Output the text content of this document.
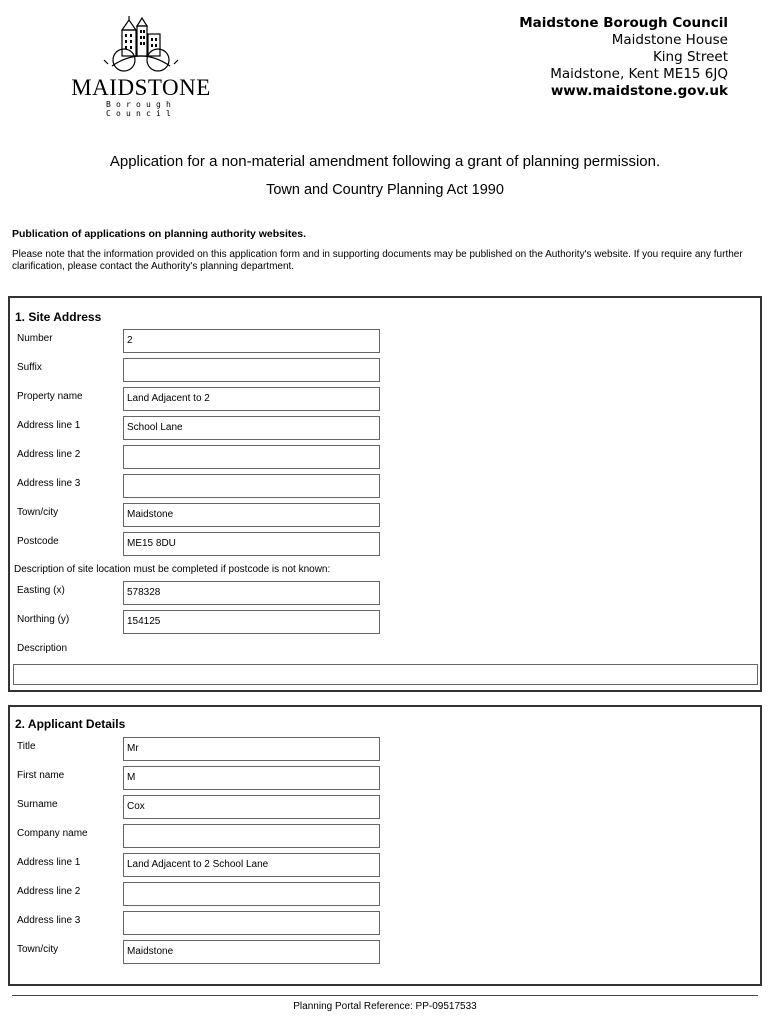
MAIDSTONE
Borough Council
Maidstone Borough Council
Maidstone House
King Street
Maidstone, Kent ME15 6JQ
www.maidstone.gov.uk
Application for a non-material amendment following a grant of planning permission.
Town and Country Planning Act 1990
Publication of applications on planning authority websites.
Please note that the information provided on this application form and in supporting documents may be published on the Authority's website. If you require any further clarification, please contact the Authority's planning department.
1. Site Address
Number	2
Suffix
Property name	Land Adjacent to 2
Address line 1	School Lane
Address line 2
Address line 3
Town/city	Maidstone
Postcode	ME15 8DU
Description of site location must be completed if postcode is not known:
Easting (x)	578328
Northing (y)	154125
Description
2. Applicant Details
Title	Mr
First name	M
Surname	Cox
Company name
Address line 1	Land Adjacent to 2 School Lane
Address line 2
Address line 3
Town/city	Maidstone
Planning Portal Reference: PP-09517533
